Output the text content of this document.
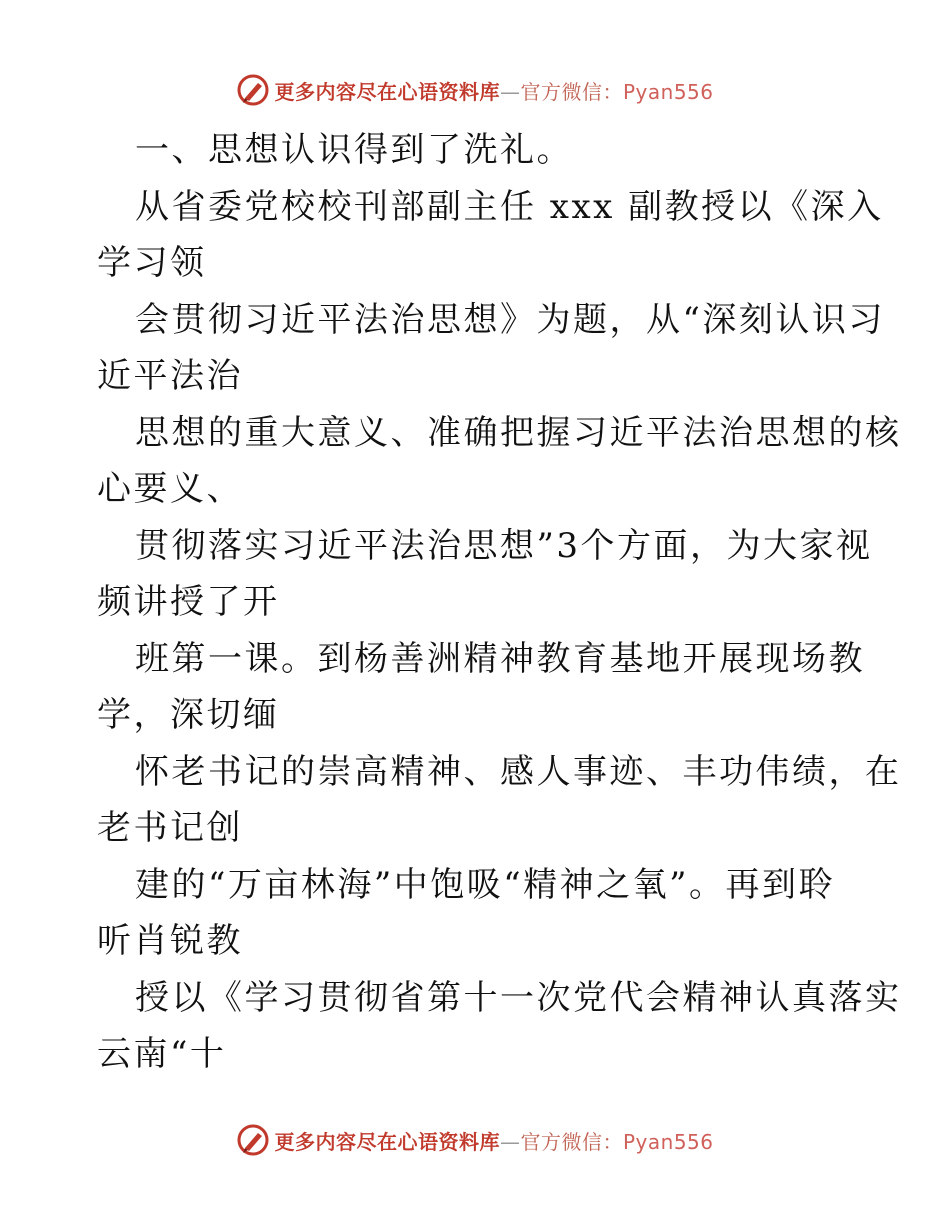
更多内容尽在心语资料库—官方微信：Pyan556
一、思想认识得到了洗礼。
从省委党校校刊部副主任 xxx 副教授以《深入
学习领
会贯彻习近平法治思想》为题，从“深刻认识习
近平法治
思想的重大意义、准确把握习近平法治思想的核
心要义、
贯彻落实习近平法治思想”3个方面，为大家视
频讲授了开
班第一课。到杨善洲精神教育基地开展现场教
学，深切缅
怀老书记的崇高精神、感人事迹、丰功伟绩，在
老书记创
建的“万亩林海”中饱吸“精神之氧”。再到聆
听肖锐教
授以《学习贯彻省第十一次党代会精神认真落实
云南“十
更多内容尽在心语资料库—官方微信：Pyan556
